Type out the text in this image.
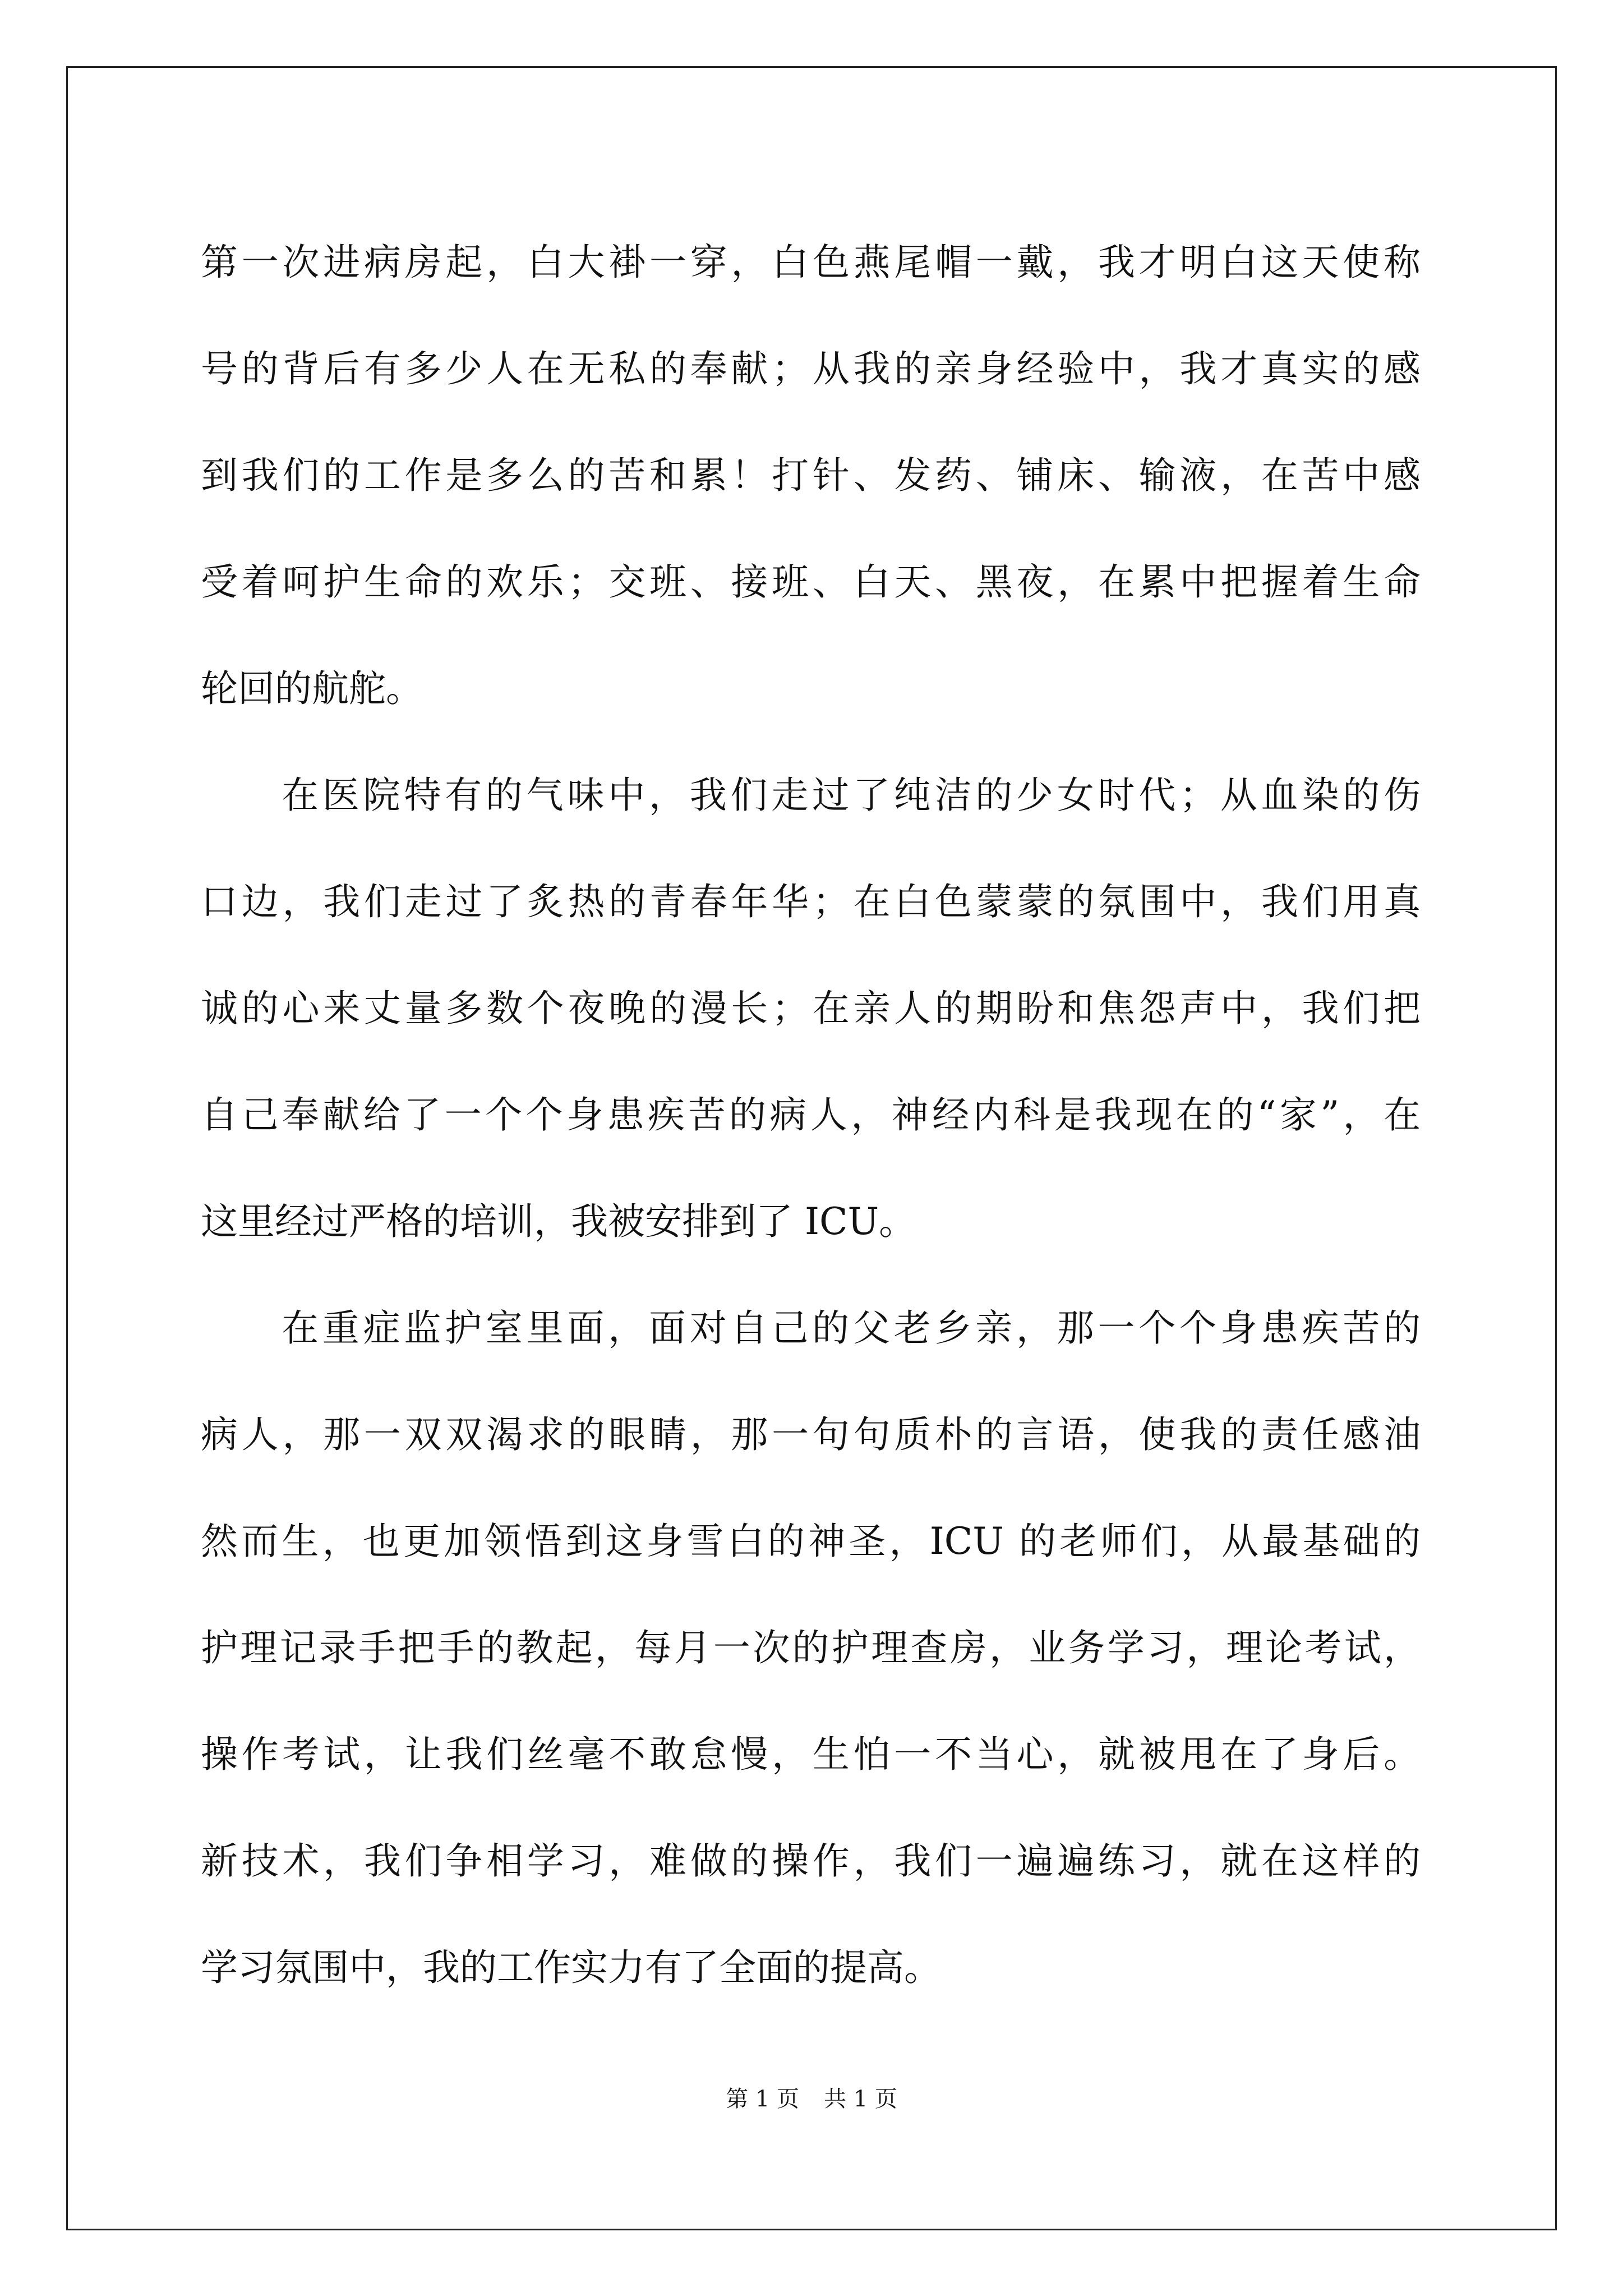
第一次进病房起，白大褂一穿，白色燕尾帽一戴，我才明白这天使称
号的背后有多少人在无私的奉献；从我的亲身经验中，我才真实的感
到我们的工作是多么的苦和累！打针、发药、铺床、输液，在苦中感
受着呵护生命的欢乐；交班、接班、白天、黑夜，在累中把握着生命
轮回的航舵。
在医院特有的气味中，我们走过了纯洁的少女时代；从血染的伤
口边，我们走过了炙热的青春年华；在白色蒙蒙的氛围中，我们用真
诚的心来丈量多数个夜晚的漫长；在亲人的期盼和焦怨声中，我们把
自己奉献给了一个个身患疾苦的病人，神经内科是我现在的“家”，在
这里经过严格的培训，我被安排到了 ICU。
在重症监护室里面，面对自己的父老乡亲，那一个个身患疾苦的
病人，那一双双渴求的眼睛，那一句句质朴的言语，使我的责任感油
然而生，也更加领悟到这身雪白的神圣，ICU 的老师们，从最基础的
护理记录手把手的教起，每月一次的护理查房，业务学习，理论考试，
操作考试，让我们丝毫不敢怠慢，生怕一不当心，就被甩在了身后。
新技术，我们争相学习，难做的操作，我们一遍遍练习，就在这样的
学习氛围中，我的工作实力有了全面的提高。
第 1 页 共 1 页
